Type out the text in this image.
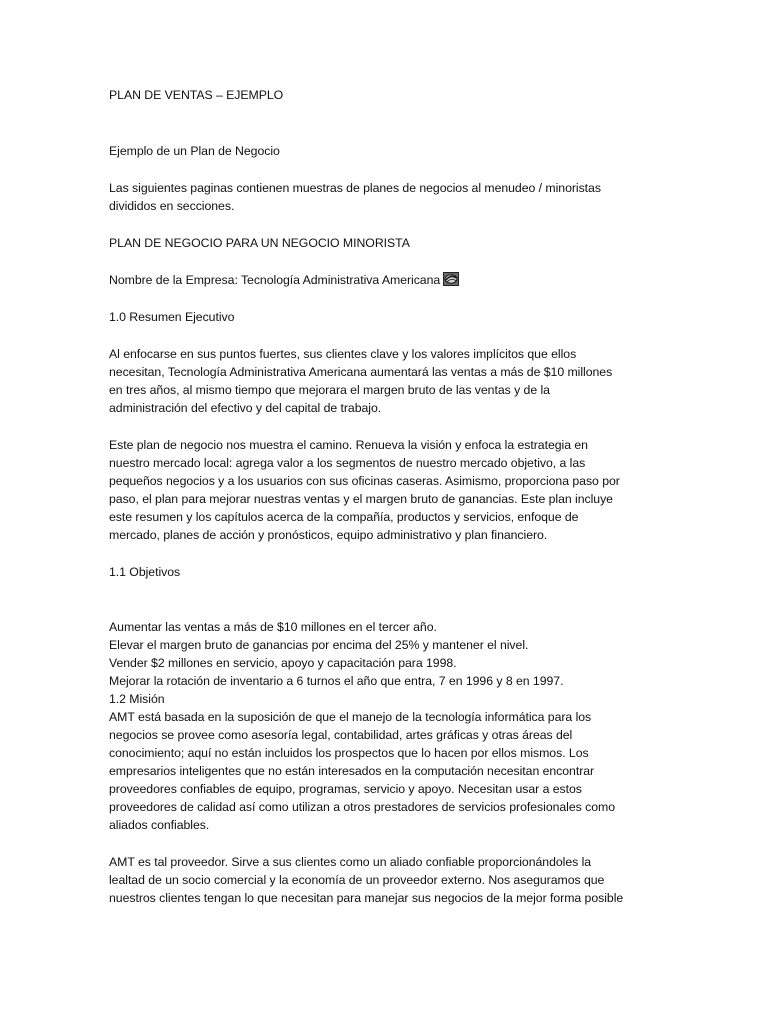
PLAN DE VENTAS – EJEMPLO

Ejemplo de un Plan de Negocio

Las siguientes paginas contienen muestras de planes de negocios al menudeo / minoristas
divididos en secciones.

PLAN DE NEGOCIO PARA UN NEGOCIO MINORISTA

Nombre de la Empresa: Tecnología Administrativa Americana

1.0 Resumen Ejecutivo

Al enfocarse en sus puntos fuertes, sus clientes clave y los valores implícitos que ellos
necesitan, Tecnología Administrativa Americana aumentará las ventas a más de $10 millones
en tres años, al mismo tiempo que mejorara el margen bruto de las ventas y de la
administración del efectivo y del capital de trabajo.

Este plan de negocio nos muestra el camino. Renueva la visión y enfoca la estrategia en
nuestro mercado local: agrega valor a los segmentos de nuestro mercado objetivo, a las
pequeños negocios y a los usuarios con sus oficinas caseras. Asimismo, proporciona paso por
paso, el plan para mejorar nuestras ventas y el margen bruto de ganancias. Este plan incluye
este resumen y los capítulos acerca de la compañía, productos y servicios, enfoque de
mercado, planes de acción y pronósticos, equipo administrativo y plan financiero.

1.1 Objetivos

Aumentar las ventas a más de $10 millones en el tercer año.
Elevar el margen bruto de ganancias por encima del 25% y mantener el nivel.
Vender $2 millones en servicio, apoyo y capacitación para 1998.
Mejorar la rotación de inventario a 6 turnos el año que entra, 7 en 1996 y 8 en 1997.
1.2 Misión

AMT está basada en la suposición de que el manejo de la tecnología informática para los
negocios se provee como asesoría legal, contabilidad, artes gráficas y otras áreas del
conocimiento; aquí no están incluidos los prospectos que lo hacen por ellos mismos. Los
empresarios inteligentes que no están interesados en la computación necesitan encontrar
proveedores confiables de equipo, programas, servicio y apoyo. Necesitan usar a estos
proveedores de calidad así como utilizan a otros prestadores de servicios profesionales como
aliados confiables.

AMT es tal proveedor. Sirve a sus clientes como un aliado confiable proporcionándoles la
lealtad de un socio comercial y la economía de un proveedor externo. Nos aseguramos que
nuestros clientes tengan lo que necesitan para manejar sus negocios de la mejor forma posible
